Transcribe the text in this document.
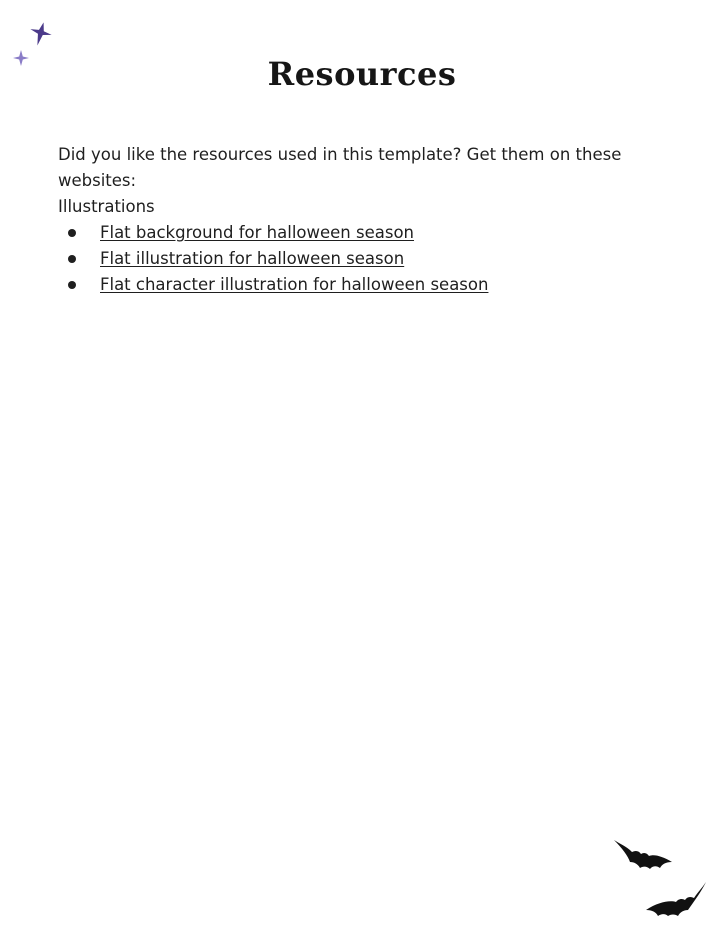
Resources

Did you like the resources used in this template? Get them on these websites:

Illustrations

Flat background for halloween season
Flat illustration for halloween season
Flat character illustration for halloween season
